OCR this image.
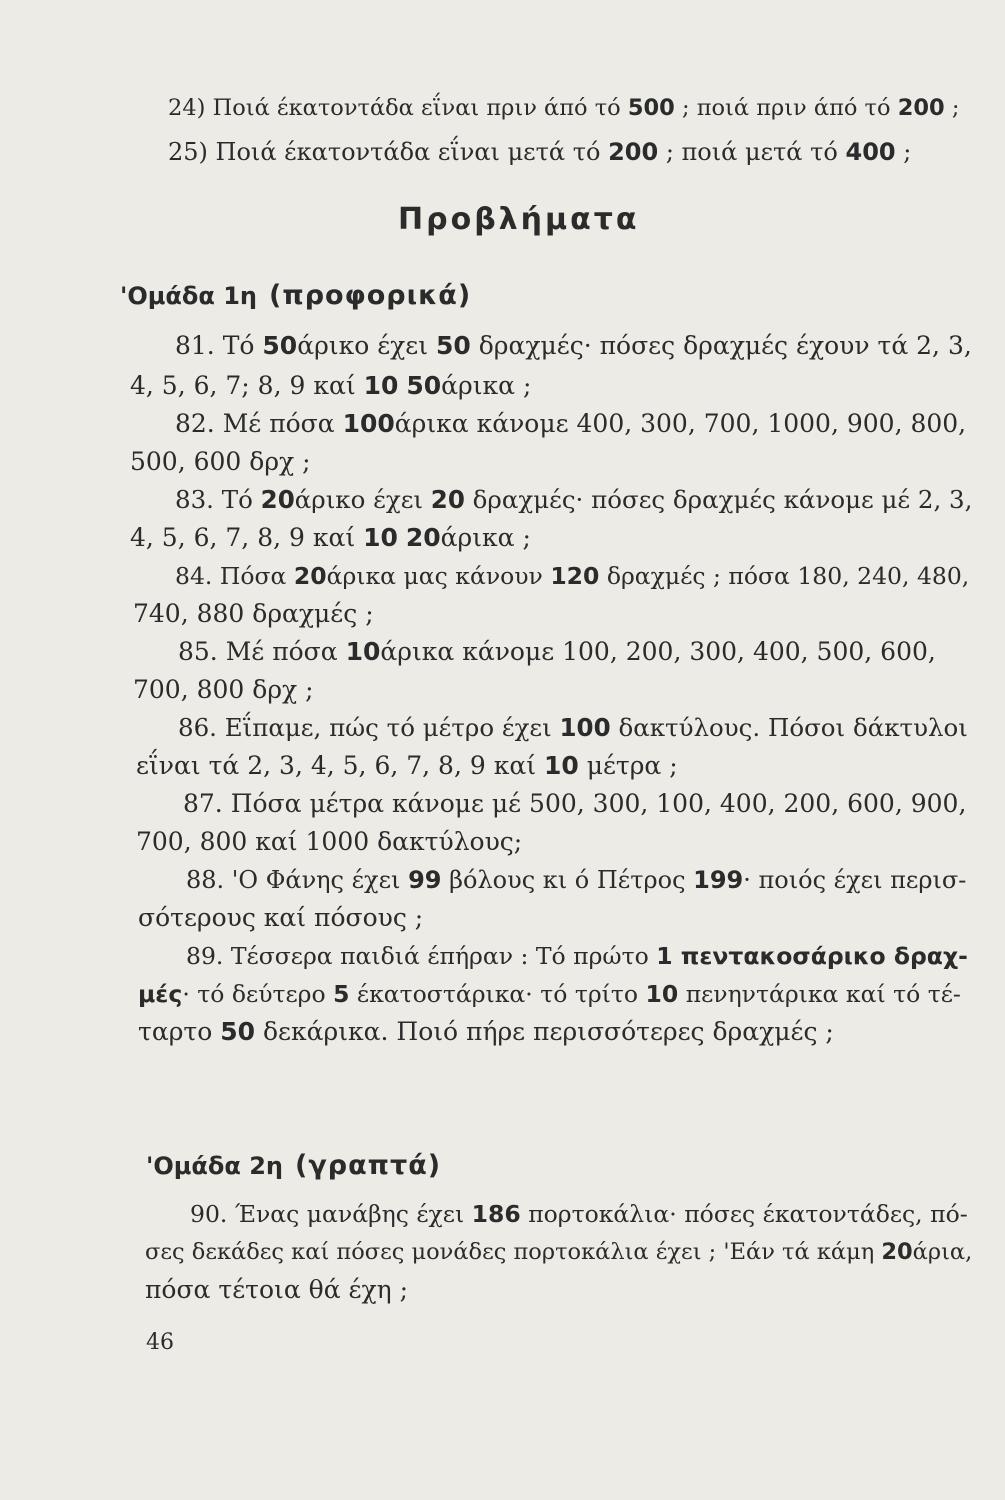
24) Ποιά έκατοντάδα εΐναι πριν άπό τό 500 ; ποιά πριν άπό τό 200 ;
25) Ποιά έκατοντάδα εΐναι μετά τό 200 ; ποιά μετά τό 400 ;
Προβλήματα
'Ομάδα 1η (προφορικά)
81. Τό 50άρικο έχει 50 δραχμές· πόσες δραχμές έχουν τά 2, 3,
4, 5, 6, 7; 8, 9 καί 10 50άρικα ;
82. Μέ πόσα 100άρικα κάνομε 400, 300, 700, 1000, 900, 800,
500, 600 δρχ ;
83. Τό 20άρικο έχει 20 δραχμές· πόσες δραχμές κάνομε μέ 2, 3,
4, 5, 6, 7, 8, 9 καί 10 20άρικα ;
84. Πόσα 20άρικα μας κάνουν 120 δραχμές ; πόσα 180, 240, 480,
740, 880 δραχμές ;
85. Μέ πόσα 10άρικα κάνομε 100, 200, 300, 400, 500, 600,
700, 800 δρχ ;
86. Εΐπαμε, πώς τό μέτρο έχει 100 δακτύλους. Πόσοι δάκτυλοι
εΐναι τά 2, 3, 4, 5, 6, 7, 8, 9 καί 10 μέτρα ;
87. Πόσα μέτρα κάνομε μέ 500, 300, 100, 400, 200, 600, 900,
700, 800 καί 1000 δακτύλους;
88. 'Ο Φάνης έχει 99 βόλους κι ό Πέτρος 199· ποιός έχει περισ-
σότερους καί πόσους ;
89. Τέσσερα παιδιά έπήραν : Τό πρώτο 1 πεντακοσάρικο δραχ-
μές· τό δεύτερο 5 έκατοστάρικα· τό τρίτο 10 πενηντάρικα καί τό τέ-
ταρτο 50 δεκάρικα. Ποιό πήρε περισσότερες δραχμές ;
'Ομάδα 2η (γραπτά)
90. Ένας μανάβης έχει 186 πορτοκάλια· πόσες έκατοντάδες, πό-
σες δεκάδες καί πόσες μονάδες πορτοκάλια έχει ; 'Εάν τά κάμη 20άρια,
πόσα τέτοια θά έχη ;
46
